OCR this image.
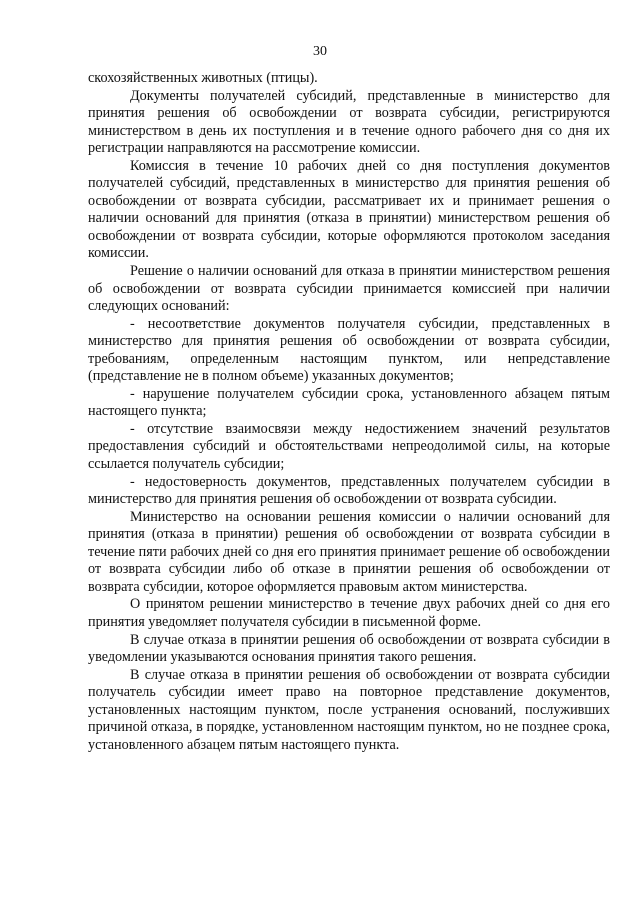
30

скохозяйственных животных (птицы).

Документы получателей субсидий, представленные в министерство для принятия решения об освобождении от возврата субсидии, регистрируются министерством в день их поступления и в течение одного рабочего дня со дня их регистрации направляются на рассмотрение комиссии.

Комиссия в течение 10 рабочих дней со дня поступления документов получателей субсидий, представленных в министерство для принятия решения об освобождении от возврата субсидии, рассматривает их и принимает решения о наличии оснований для принятия (отказа в принятии) министерством решения об освобождении от возврата субсидии, которые оформляются протоколом заседания комиссии.

Решение о наличии оснований для отказа в принятии министерством решения об освобождении от возврата субсидии принимается комиссией при наличии следующих оснований:

- несоответствие документов получателя субсидии, представленных в министерство для принятия решения об освобождении от возврата субсидии, требованиям, определенным настоящим пунктом, или непредставление (представление не в полном объеме) указанных документов;

- нарушение получателем субсидии срока, установленного абзацем пятым настоящего пункта;

- отсутствие взаимосвязи между недостижением значений результатов предоставления субсидий и обстоятельствами непреодолимой силы, на которые ссылается получатель субсидии;

- недостоверность документов, представленных получателем субсидии в министерство для принятия решения об освобождении от возврата субсидии.

Министерство на основании решения комиссии о наличии оснований для принятия (отказа в принятии) решения об освобождении от возврата субсидии в течение пяти рабочих дней со дня его принятия принимает решение об освобождении от возврата субсидии либо об отказе в принятии решения об освобождении от возврата субсидии, которое оформляется правовым актом министерства.

О принятом решении министерство в течение двух рабочих дней со дня его принятия уведомляет получателя субсидии в письменной форме.

В случае отказа в принятии решения об освобождении от возврата субсидии в уведомлении указываются основания принятия такого решения.

В случае отказа в принятии решения об освобождении от возврата субсидии получатель субсидии имеет право на повторное представление документов, установленных настоящим пунктом, после устранения оснований, послуживших причиной отказа, в порядке, установленном настоящим пунктом, но не позднее срока, установленного абзацем пятым настоящего пункта.
